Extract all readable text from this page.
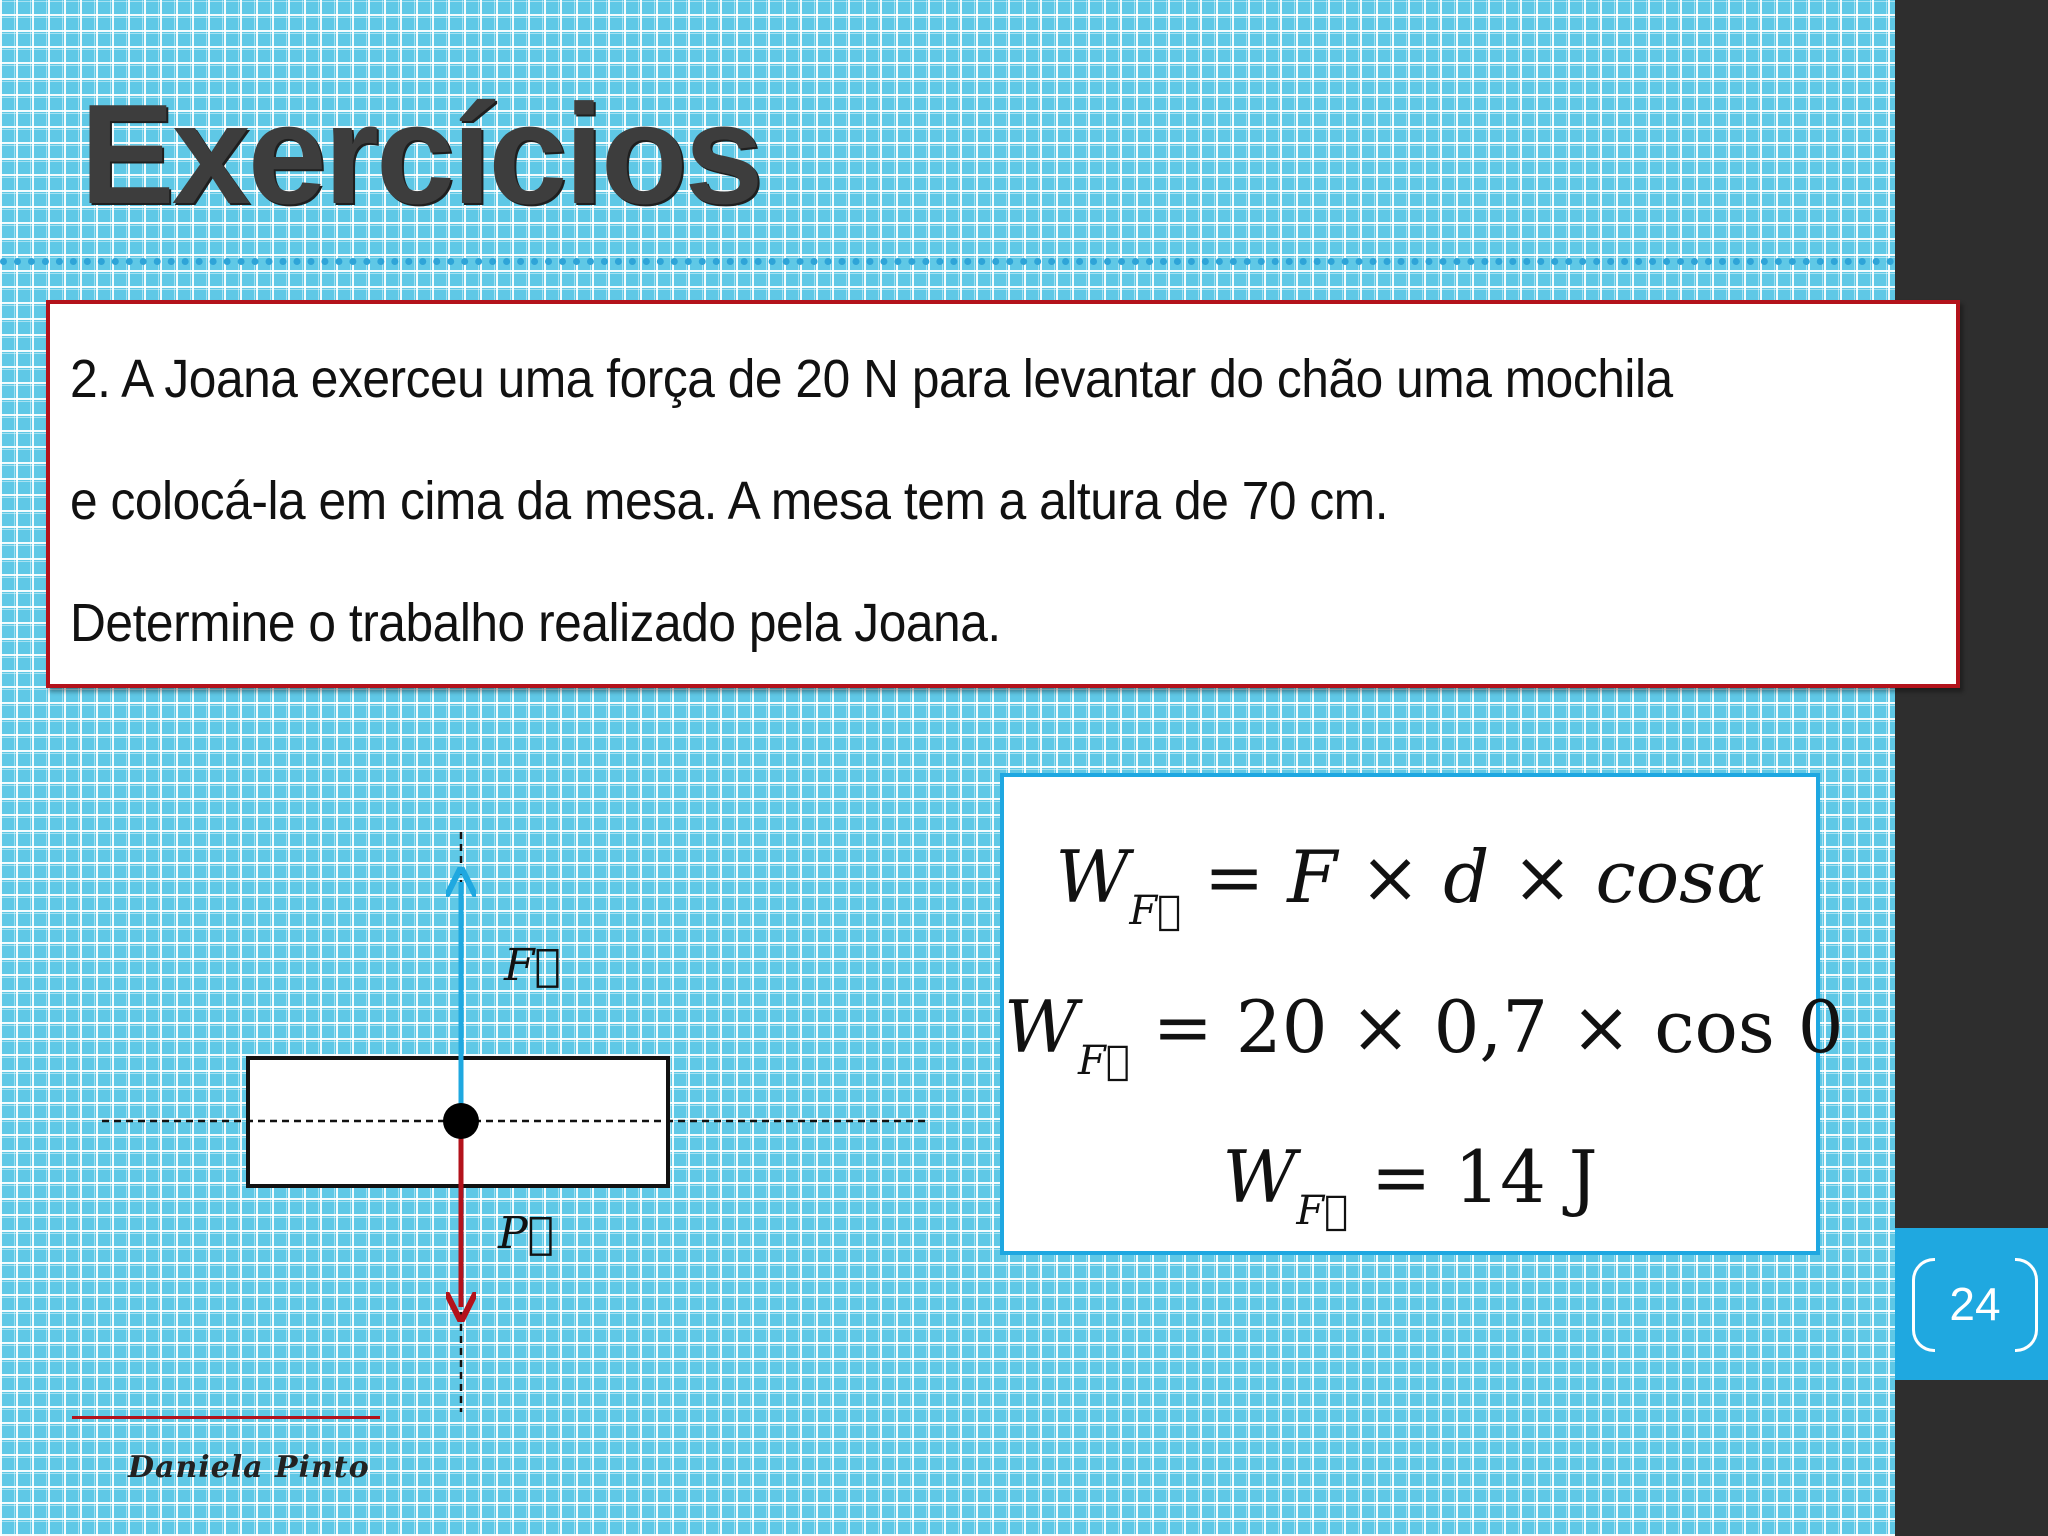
24
Exercícios
2. A Joana exerceu uma força de 20 N para levantar do chão uma mochila
e colocá-la em cima da mesa. A mesa tem a altura de 70 cm.
Determine o trabalho realizado pela Joana.
F⃗
P⃗
$W_{F⃗} = F \times d \times \cos\alpha$
$W_{F⃗} = 20 \times 0,7 \times \cos 0$
$W_{F⃗} = 14$ J
Daniela Pinto
